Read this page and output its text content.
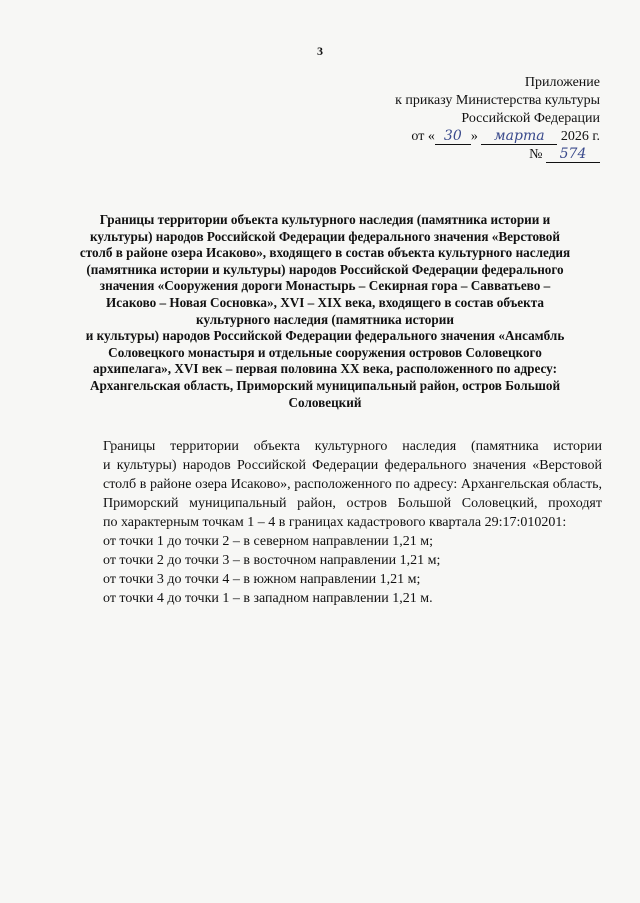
3
Приложение
к приказу Министерства культуры
Российской Федерации
от « 30 » марта 2026 г.
№ 574
Границы территории объекта культурного наследия (памятника истории и
культуры) народов Российской Федерации федерального значения «Верстовой
столб в районе озера Исаково», входящего в состав объекта культурного наследия
(памятника истории и культуры) народов Российской Федерации федерального
значения «Сооружения дороги Монастырь – Секирная гора – Савватьево –
Исаково – Новая Сосновка», XVI – XIX века, входящего в состав объекта
культурного наследия (памятника истории
и культуры) народов Российской Федерации федерального значения «Ансамбль
Соловецкого монастыря и отдельные сооружения островов Соловецкого
архипелага», XVI век – первая половина XX века, расположенного по адресу:
Архангельская область, Приморский муниципальный район, остров Большой
Соловецкий
Границы территории объекта культурного наследия (памятника истории
и культуры) народов Российской Федерации федерального значения «Верстовой
столб в районе озера Исаково», расположенного по адресу: Архангельская область,
Приморский муниципальный район, остров Большой Соловецкий, проходят
по характерным точкам 1 – 4 в границах кадастрового квартала 29:17:010201:

от точки 1 до точки 2 – в северном направлении 1,21 м;

от точки 2 до точки 3 – в восточном направлении 1,21 м;

от точки 3 до точки 4 – в южном направлении 1,21 м;

от точки 4 до точки 1 – в западном направлении 1,21 м.
